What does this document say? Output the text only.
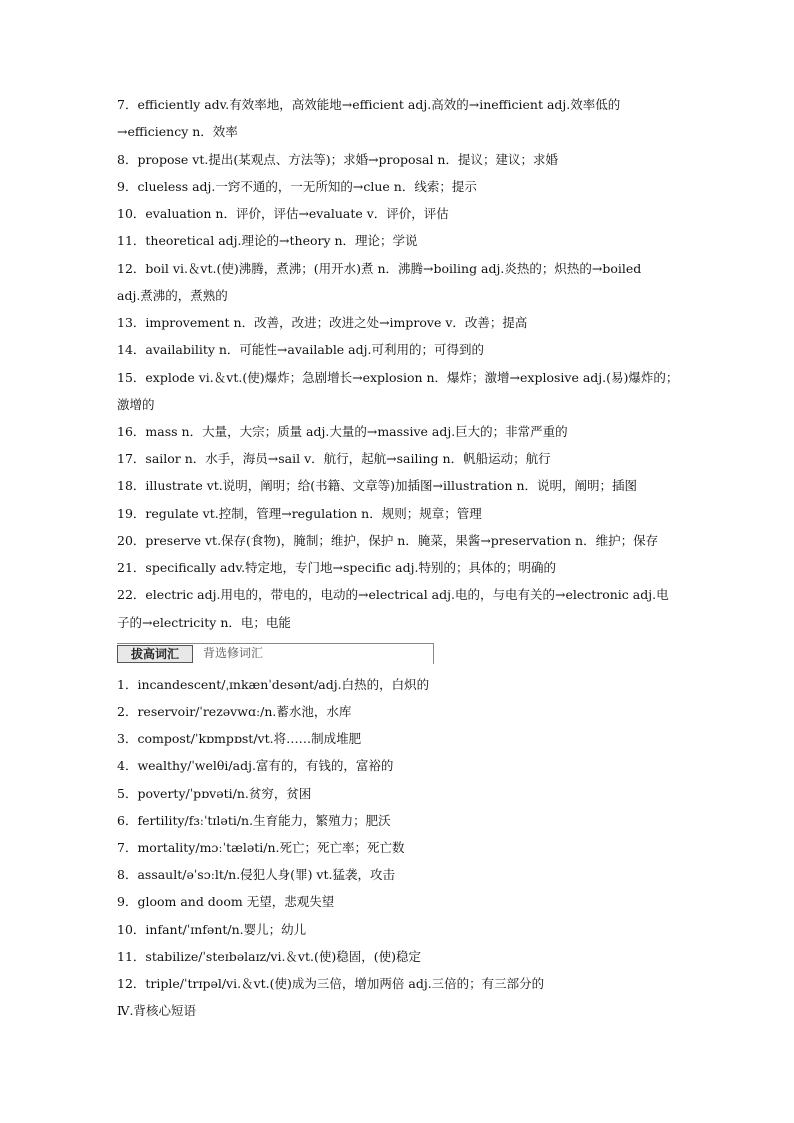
7．efficiently adv.有效率地，高效能地→efficient adj.高效的→inefficient adj.效率低的
→efficiency n．效率
8．propose vt.提出(某观点、方法等)；求婚→proposal n．提议；建议；求婚
9．clueless adj.一窍不通的，一无所知的→clue n．线索；提示
10．evaluation n．评价，评估→evaluate v．评价，评估
11．theoretical adj.理论的→theory n．理论；学说
12．boil vi.＆vt.(使)沸腾，煮沸；(用开水)煮 n．沸腾→boiling adj.炎热的；炽热的→boiled
adj.煮沸的，煮熟的
13．improvement n．改善，改进；改进之处→improve v．改善；提高
14．availability n．可能性→available adj.可利用的；可得到的
15．explode vi.＆vt.(使)爆炸；急剧增长→explosion n．爆炸；激增→explosive adj.(易)爆炸的；
激增的
16．mass n．大量，大宗；质量 adj.大量的→massive adj.巨大的；非常严重的
17．sailor n．水手，海员→sail v．航行，起航→sailing n．帆船运动；航行
18．illustrate vt.说明，阐明；给(书籍、文章等)加插图→illustration n．说明，阐明；插图
19．regulate vt.控制，管理→regulation n．规则；规章；管理
20．preserve vt.保存(食物)，腌制；维护，保护 n．腌菜，果酱→preservation n．维护；保存
21．specifically adv.特定地，专门地→specific adj.特别的；具体的；明确的
22．electric adj.用电的，带电的，电动的→electrical adj.电的，与电有关的→electronic adj.电
子的→electricity n．电；电能
拔高词汇	背选修词汇
1．incandescent/ˌɪnkænˈdesənt/adj.白热的，白炽的
2．reservoir/ˈrezəvwɑː/n.蓄水池，水库
3．compost/ˈkɒmpɒst/vt.将……制成堆肥
4．wealthy/ˈwelθi/adj.富有的，有钱的，富裕的
5．poverty/ˈpɒvəti/n.贫穷，贫困
6．fertility/fɜːˈtɪləti/n.生育能力，繁殖力；肥沃
7．mortality/mɔːˈtæləti/n.死亡；死亡率；死亡数
8．assault/əˈsɔːlt/n.侵犯人身(罪) vt.猛袭，攻击
9．gloom and doom 无望，悲观失望
10．infant/ˈɪnfənt/n.婴儿；幼儿
11．stabilize/ˈsteɪbəlaɪz/vi.＆vt.(使)稳固，(使)稳定
12．triple/ˈtrɪpəl/vi.＆vt.(使)成为三倍，增加两倍 adj.三倍的；有三部分的
Ⅳ.背核心短语
